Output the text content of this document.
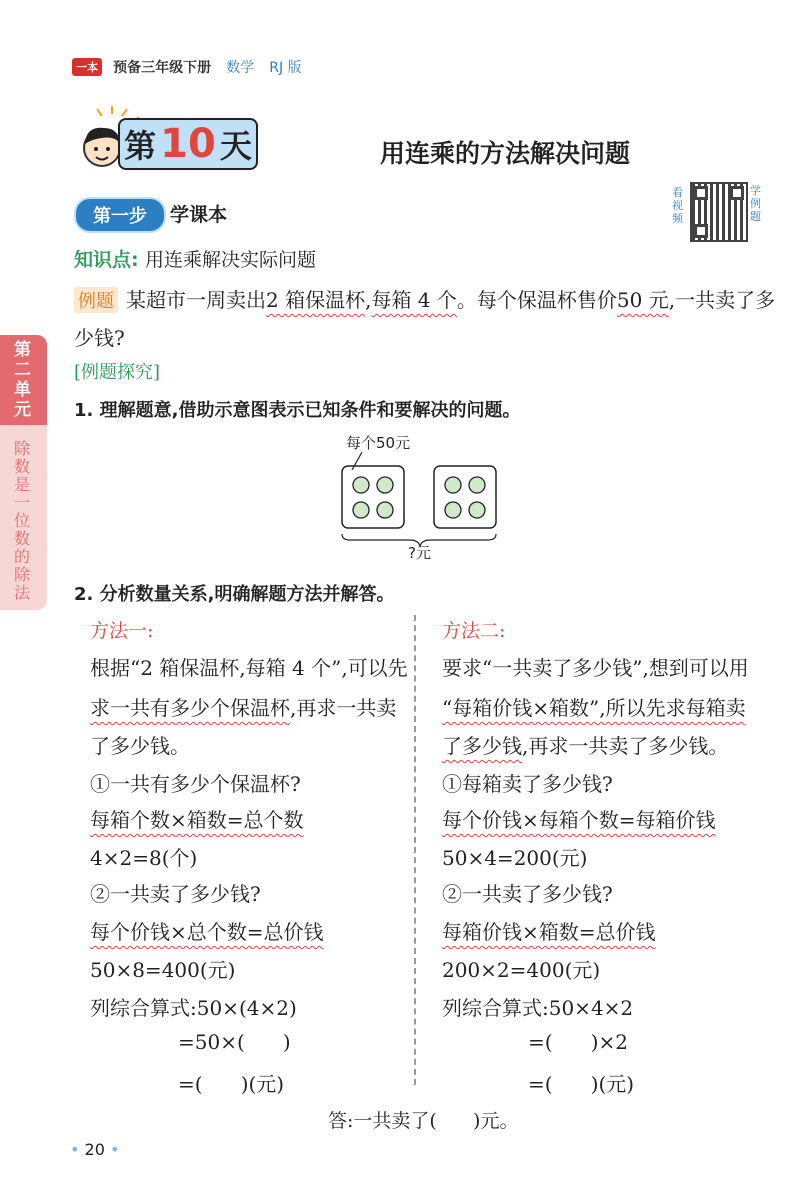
一本 预备三年级下册 数学 RJ 版
第 10 天	用连乘的方法解决问题
第一步 学课本
看视频
学例题
知识点: 用连乘解决实际问题
例题 某超市一周卖出2 箱保温杯,每箱 4 个。每个保温杯售价50 元,一共卖了多
少钱?
[例题探究]
1. 理解题意,借助示意图表示已知条件和要解决的问题。
每个50元
?元
2. 分析数量关系,明确解题方法并解答。
方法一:
根据“2 箱保温杯,每箱 4 个”,可以先
求一共有多少个保温杯,再求一共卖
了多少钱。
①一共有多少个保温杯?
每箱个数×箱数=总个数
4×2=8(个)
②一共卖了多少钱?
每个价钱×总个数=总价钱
50×8=400(元)
列综合算式:50×(4×2)
=50×(      )
=(      )(元)
方法二:
要求“一共卖了多少钱”,想到可以用
“每箱价钱×箱数”,所以先求每箱卖
了多少钱,再求一共卖了多少钱。
①每箱卖了多少钱?
每个价钱×每箱个数=每箱价钱
50×4=200(元)
②一共卖了多少钱?
每箱价钱×箱数=总价钱
200×2=400(元)
列综合算式:50×4×2
=(      )×2
=(      )(元)
答:一共卖了(      )元。
• 20 •
第二单元
除数是一位数的除法
